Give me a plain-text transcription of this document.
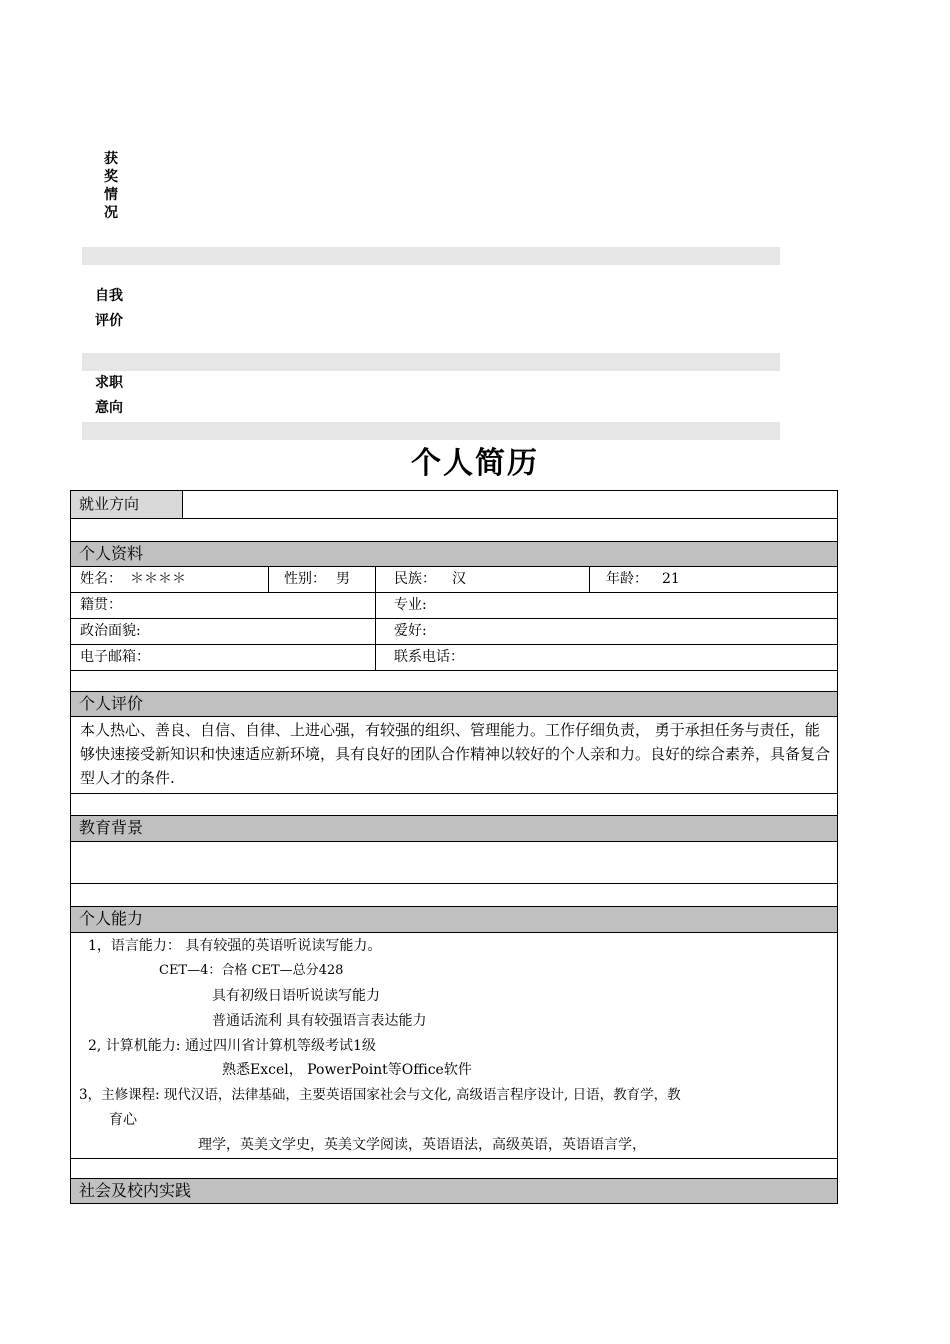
获奖情况
自我
评价
求职
意向
个人简历
就业方向
个人资料
姓名： ＊＊＊＊	性别： 男	民族： 汉	年龄： 21
籍贯：	专业:
政治面貌:	爱好:
电子邮箱：	联系电话：
个人评价
本人热心、善良、自信、自律、上进心强，有较强的组织、管理能力。工作仔细负责， 勇于承担任务与责任，能够快速接受新知识和快速适应新环境，具有良好的团队合作精神以较好的个人亲和力。良好的综合素养，具备复合型人才的条件.
教育背景
个人能力
1，语言能力： 具有较强的英语听说读写能力。
CET—4：合格 CET—总分428
具有初级日语听说读写能力
普通话流利 具有较强语言表达能力
2, 计算机能力: 通过四川省计算机等级考试1级
熟悉Excel， PowerPoint等Office软件
3，主修课程: 现代汉语，法律基础，主要英语国家社会与文化, 高级语言程序设计, 日语，教育学，教
育心
理学，英美文学史，英美文学阅读，英语语法，高级英语，英语语言学，
社会及校内实践
